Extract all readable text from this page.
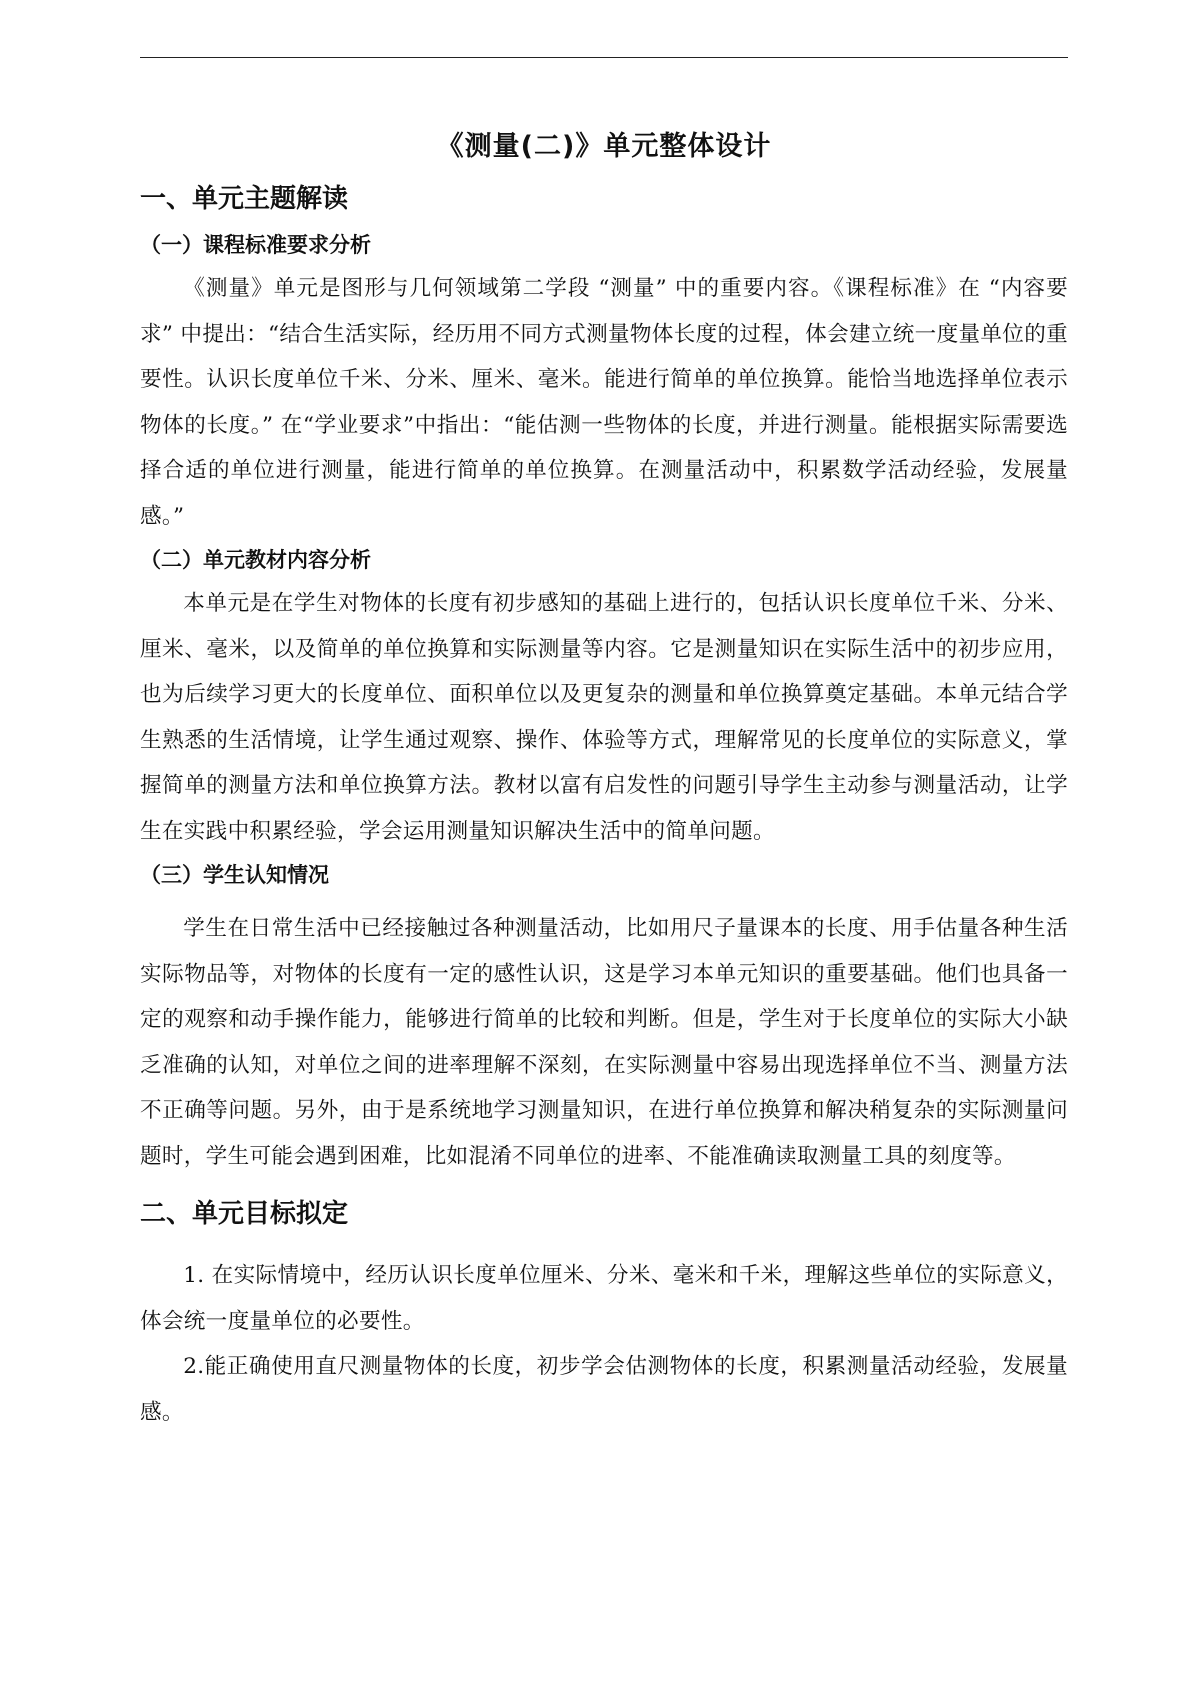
《测量(二)》单元整体设计
一、单元主题解读
（一）课程标准要求分析

《测量》单元是图形与几何领域第二学段 “测量” 中的重要内容。《课程标准》在 “内容要求” 中提出：“结合生活实际，经历用不同方式测量物体长度的过程，体会建立统一度量单位的重要性。认识长度单位千米、分米、厘米、毫米。能进行简单的单位换算。能恰当地选择单位表示物体的长度。” 在“学业要求”中指出：“能估测一些物体的长度，并进行测量。能根据实际需要选择合适的单位进行测量，能进行简单的单位换算。在测量活动中，积累数学活动经验，发展量感。”

（二）单元教材内容分析

本单元是在学生对物体的长度有初步感知的基础上进行的，包括认识长度单位千米、分米、厘米、毫米，以及简单的单位换算和实际测量等内容。它是测量知识在实际生活中的初步应用，也为后续学习更大的长度单位、面积单位以及更复杂的测量和单位换算奠定基础。本单元结合学生熟悉的生活情境，让学生通过观察、操作、体验等方式，理解常见的长度单位的实际意义，掌握简单的测量方法和单位换算方法。教材以富有启发性的问题引导学生主动参与测量活动，让学生在实践中积累经验，学会运用测量知识解决生活中的简单问题。

（三）学生认知情况

学生在日常生活中已经接触过各种测量活动，比如用尺子量课本的长度、用手估量各种生活实际物品等，对物体的长度有一定的感性认识，这是学习本单元知识的重要基础。他们也具备一定的观察和动手操作能力，能够进行简单的比较和判断。但是，学生对于长度单位的实际大小缺乏准确的认知，对单位之间的进率理解不深刻，在实际测量中容易出现选择单位不当、测量方法不正确等问题。另外，由于是系统地学习测量知识，在进行单位换算和解决稍复杂的实际测量问题时，学生可能会遇到困难，比如混淆不同单位的进率、不能准确读取测量工具的刻度等。

二、单元目标拟定

1. 在实际情境中，经历认识长度单位厘米、分米、毫米和千米，理解这些单位的实际意义，体会统一度量单位的必要性。

2.能正确使用直尺测量物体的长度，初步学会估测物体的长度，积累测量活动经验，发展量感。
